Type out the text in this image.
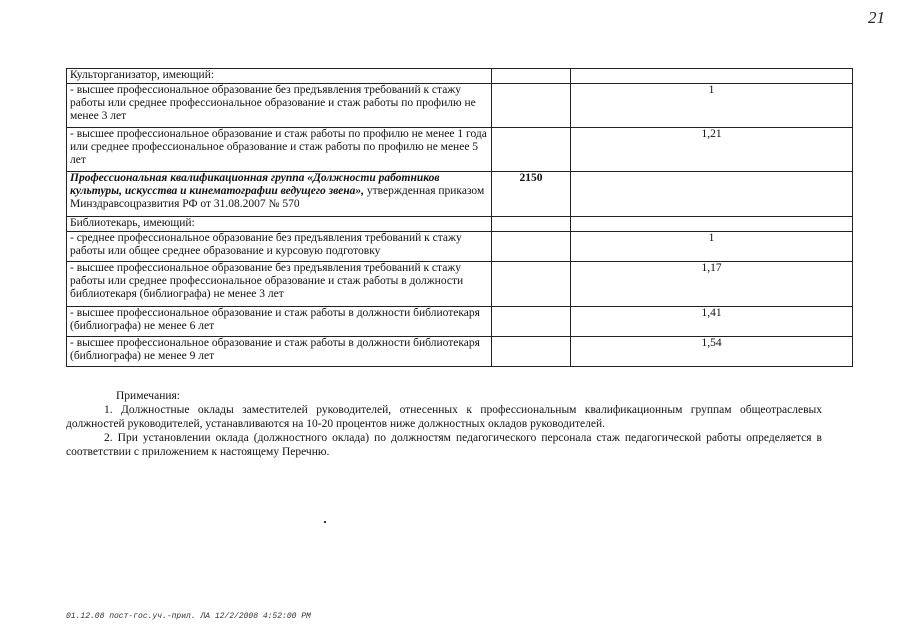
21
Культорганизатор, имеющий:		
- высшее профессиональное образование без предъявления требований к стажу работы или среднее профессиональное образование и стаж работы по профилю не менее 3 лет		1
- высшее профессиональное образование и стаж работы по профилю не менее 1 года или среднее профессиональное образование и стаж работы по профилю не менее 5 лет		1,21
Профессиональная квалификационная группа «Должности работников культуры, искусства и кинематографии ведущего звена», утвержденная приказом Минздравсоцразвития РФ от 31.08.2007 № 570	2150	
Библиотекарь, имеющий:		
- среднее профессиональное образование без предъявления требований к стажу работы или общее среднее образование и курсовую подготовку		1
- высшее профессиональное образование без предъявления требований к стажу работы или среднее профессиональное образование и стаж работы в должности библиотекаря (библиографа) не менее 3 лет		1,17
- высшее профессиональное образование и стаж работы в должности библиотекаря (библиографа) не менее 6 лет		1,41
- высшее профессиональное образование и стаж работы в должности библиотекаря (библиографа) не менее 9 лет		1,54

Примечания:

1. Должностные оклады заместителей руководителей, отнесенных к профессиональным квалификационным группам общеотраслевых должностей руководителей, устанавливаются на 10-20 процентов ниже должностных окладов руководителей.

2. При установлении оклада (должностного оклада) по должностям педагогического персонала стаж педагогической работы определяется в соответствии с приложением к настоящему Перечню.

01.12.08 пост-гос.уч.-прил. ЛА 12/2/2008 4:52:00 PM
